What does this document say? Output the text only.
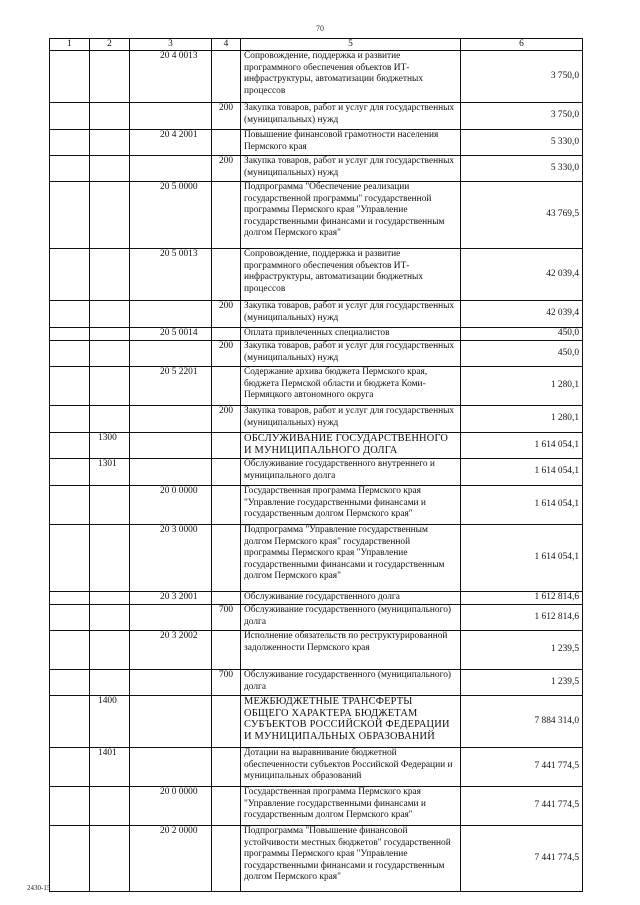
70
1	2	3	4	5	6
		20 4 0013		Сопровождение, поддержка и развитие программного обеспечения объектов ИТ-инфраструктуры, автоматизации бюджетных процессов	3 750,0
			200	Закупка товаров, работ и услуг для государственных (муниципальных) нужд	3 750,0
		20 4 2001		Повышение финансовой грамотности населения Пермского края	5 330,0
			200	Закупка товаров, работ и услуг для государственных (муниципальных) нужд	5 330,0
		20 5 0000		Подпрограмма "Обеспечение реализации государственной программы" государственной программы Пермского края "Управление государственными финансами и государственным долгом Пермского края"	43 769,5
		20 5 0013		Сопровождение, поддержка и развитие программного обеспечения объектов ИТ-инфраструктуры, автоматизации бюджетных процессов	42 039,4
			200	Закупка товаров, работ и услуг для государственных (муниципальных) нужд	42 039,4
		20 5 0014		Оплата привлеченных специалистов	450,0
			200	Закупка товаров, работ и услуг для государственных (муниципальных) нужд	450,0
		20 5 2201		Содержание архива бюджета Пермского края, бюджета Пермской области и бюджета Коми-Пермяцкого автономного округа	1 280,1
			200	Закупка товаров, работ и услуг для государственных (муниципальных) нужд	1 280,1
	1300			ОБСЛУЖИВАНИЕ ГОСУДАРСТВЕННОГО И МУНИЦИПАЛЬНОГО ДОЛГА	1 614 054,1
	1301			Обслуживание государственного внутреннего и муниципального долга	1 614 054,1
		20 0 0000		Государственная программа Пермского края "Управление государственными финансами и государственным долгом Пермского края"	1 614 054,1
		20 3 0000		Подпрограмма "Управление государственным долгом Пермского края" государственной программы Пермского края "Управление государственными финансами и государственным долгом Пермского края"	1 614 054,1
		20 3 2001		Обслуживание государственного долга	1 612 814,6
			700	Обслуживание государственного (муниципального) долга	1 612 814,6
		20 3 2002		Исполнение обязательств по реструктурированной задолженности Пермского края	1 239,5
			700	Обслуживание государственного (муниципального) долга	1 239,5
	1400			МЕЖБЮДЖЕТНЫЕ ТРАНСФЕРТЫ ОБЩЕГО ХАРАКТЕРА БЮДЖЕТАМ СУБЪЕКТОВ РОССИЙСКОЙ ФЕДЕРАЦИИ И МУНИЦИПАЛЬНЫХ ОБРАЗОВАНИЙ	7 884 314,0
	1401			Дотации на выравнивание бюджетной обеспеченности субъектов Российской Федерации и муниципальных образований	7 441 774,5
		20 0 0000		Государственная программа Пермского края "Управление государственными финансами и государственным долгом Пермского края"	7 441 774,5
		20 2 0000		Подпрограмма "Повышение финансовой устойчивости местных бюджетов" государственной программы Пермского края "Управление государственными финансами и государственным долгом Пермского края"	7 441 774,5
2430-15
